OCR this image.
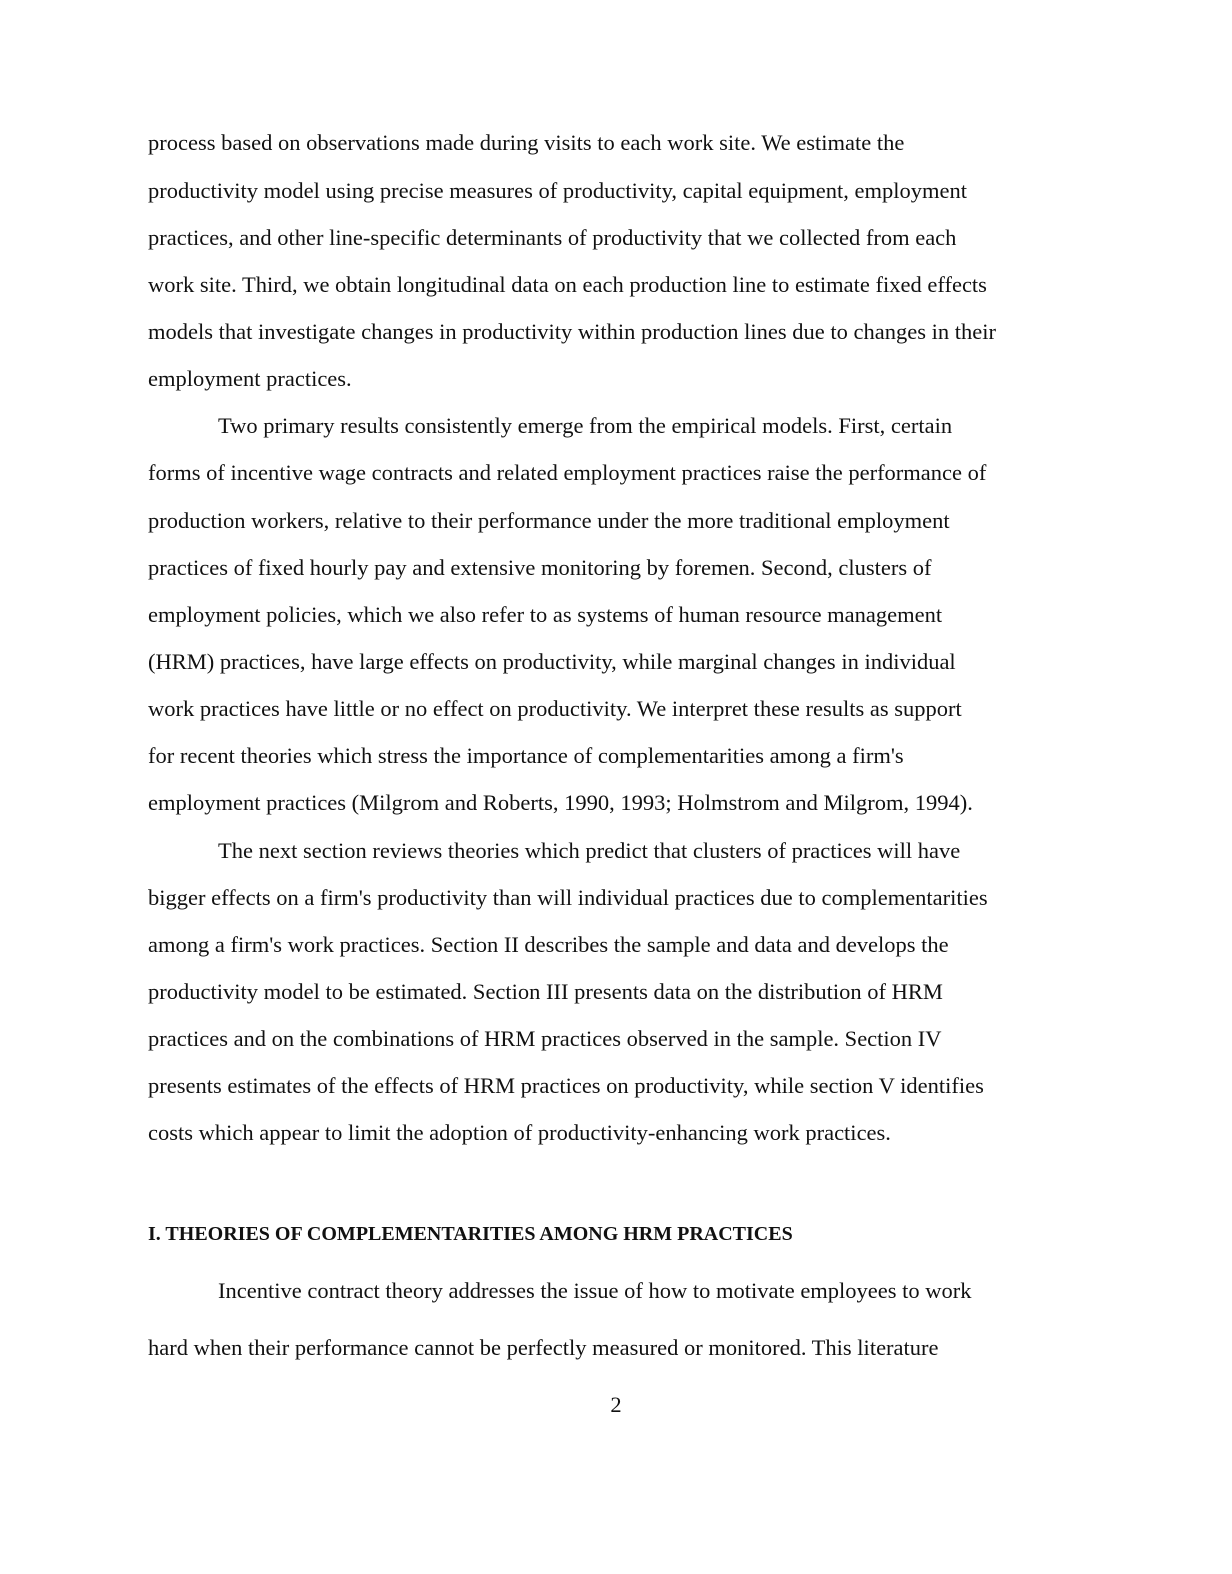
process based on observations made during visits to each work site. We estimate the
productivity model using precise measures of productivity, capital equipment, employment
practices, and other line-specific determinants of productivity that we collected from each
work site. Third, we obtain longitudinal data on each production line to estimate fixed effects
models that investigate changes in productivity within production lines due to changes in their
employment practices.
Two primary results consistently emerge from the empirical models. First, certain
forms of incentive wage contracts and related employment practices raise the performance of
production workers, relative to their performance under the more traditional employment
practices of fixed hourly pay and extensive monitoring by foremen. Second, clusters of
employment policies, which we also refer to as systems of human resource management
(HRM) practices, have large effects on productivity, while marginal changes in individual
work practices have little or no effect on productivity. We interpret these results as support
for recent theories which stress the importance of complementarities among a firm's
employment practices (Milgrom and Roberts, 1990, 1993; Holmstrom and Milgrom, 1994).
The next section reviews theories which predict that clusters of practices will have
bigger effects on a firm's productivity than will individual practices due to complementarities
among a firm's work practices. Section II describes the sample and data and develops the
productivity model to be estimated. Section III presents data on the distribution of HRM
practices and on the combinations of HRM practices observed in the sample. Section IV
presents estimates of the effects of HRM practices on productivity, while section V identifies
costs which appear to limit the adoption of productivity-enhancing work practices.
I. THEORIES OF COMPLEMENTARITIES AMONG HRM PRACTICES
Incentive contract theory addresses the issue of how to motivate employees to work
hard when their performance cannot be perfectly measured or monitored. This literature
2
